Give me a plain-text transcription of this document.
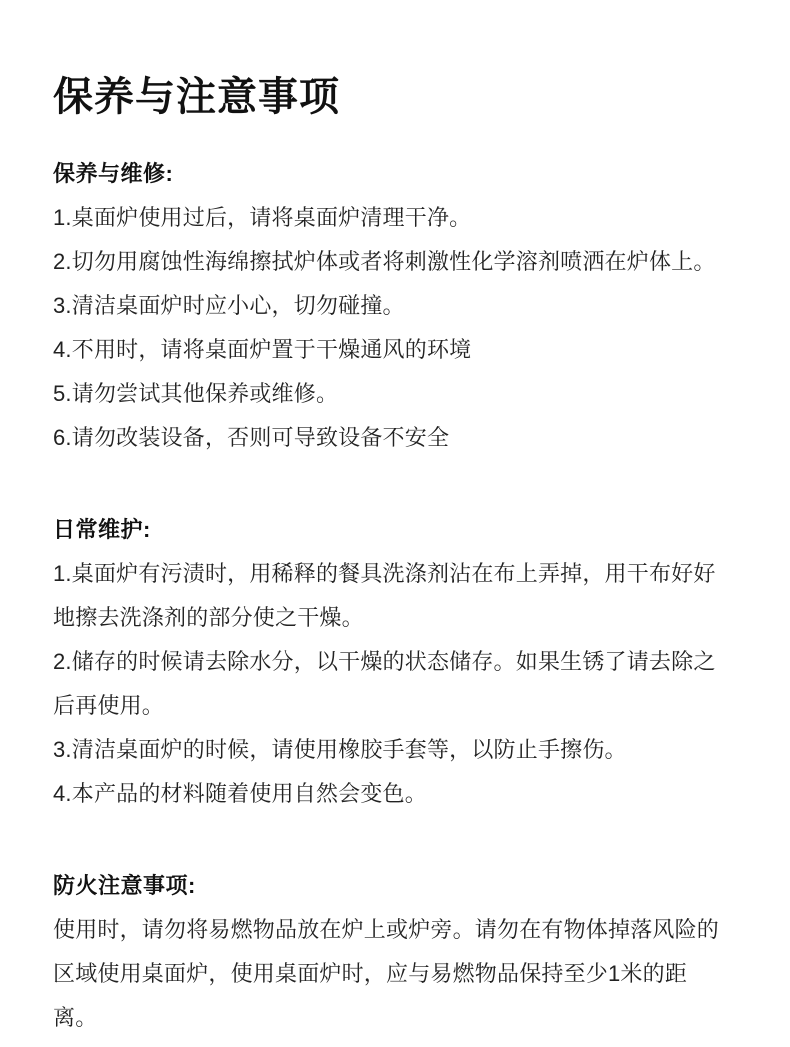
保养与注意事项
保养与维修:

1.桌面炉使用过后，请将桌面炉清理干净。

2.切勿用腐蚀性海绵擦拭炉体或者将刺激性化学溶剂喷洒在炉体上。

3.清洁桌面炉时应小心，切勿碰撞。

4.不用时，请将桌面炉置于干燥通风的环境

5.请勿尝试其他保养或维修。

6.请勿改装设备，否则可导致设备不安全

日常维护:

1.桌面炉有污渍时，用稀释的餐具洗涤剂沾在布上弄掉，用干布好好地擦去洗涤剂的部分使之干燥。

2.储存的时候请去除水分，以干燥的状态储存。如果生锈了请去除之后再使用。

3.清洁桌面炉的时候，请使用橡胶手套等，以防止手擦伤。

4.本产品的材料随着使用自然会变色。

防火注意事项:

使用时，请勿将易燃物品放在炉上或炉旁。请勿在有物体掉落风险的区域使用桌面炉，使用桌面炉时，应与易燃物品保持至少1米的距离。
